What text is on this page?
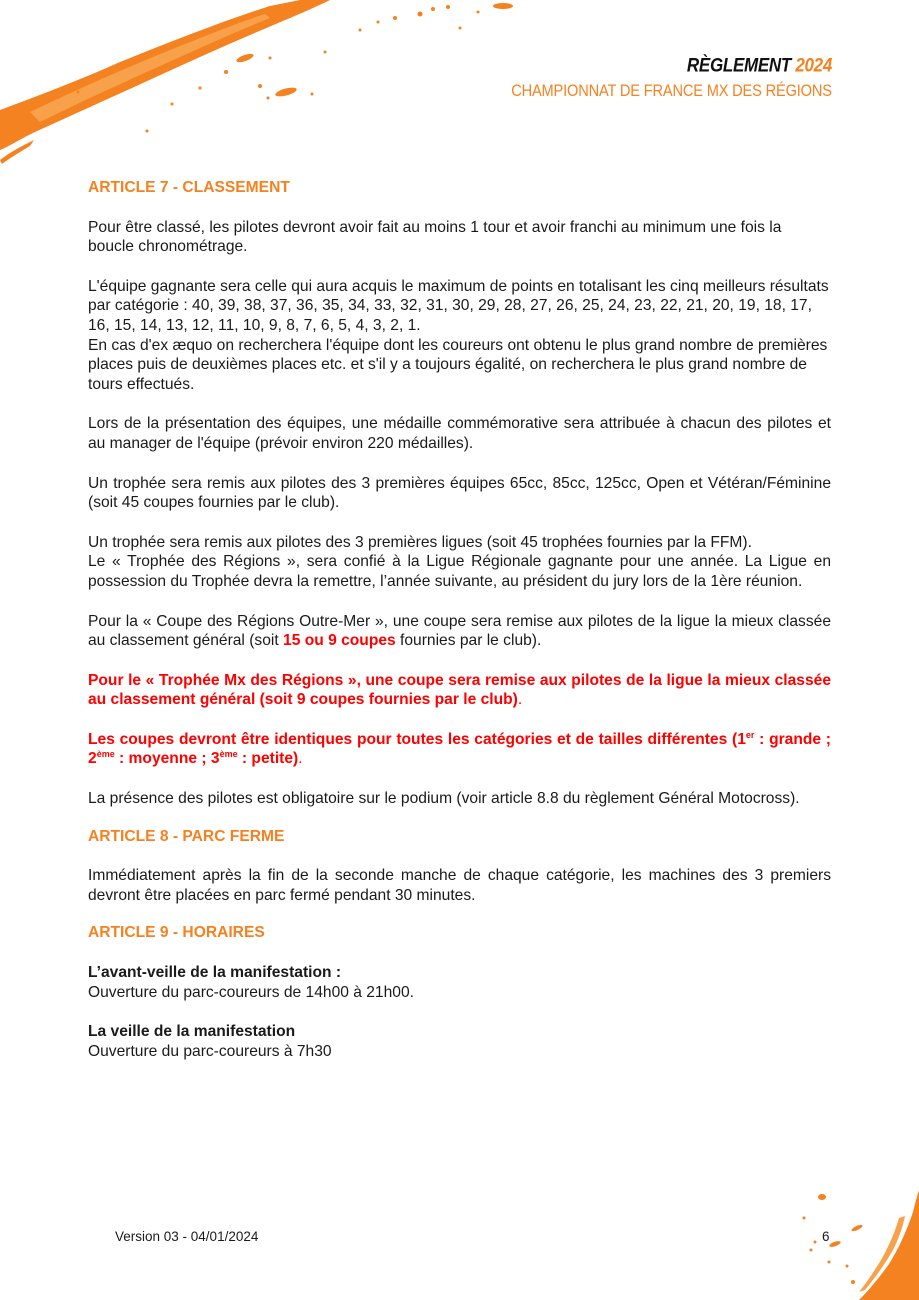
RÈGLEMENT 2024
CHAMPIONNAT DE FRANCE MX DES RÉGIONS

ARTICLE 7 - CLASSEMENT

Pour être classé, les pilotes devront avoir fait au moins 1 tour et avoir franchi au minimum une fois la boucle chronométrage.

L'équipe gagnante sera celle qui aura acquis le maximum de points en totalisant les cinq meilleurs résultats par catégorie : 40, 39, 38, 37, 36, 35, 34, 33, 32, 31, 30, 29, 28, 27, 26, 25, 24, 23, 22, 21, 20, 19, 18, 17, 16, 15, 14, 13, 12, 11, 10, 9, 8, 7, 6, 5, 4, 3, 2, 1.

En cas d'ex æquo on recherchera l'équipe dont les coureurs ont obtenu le plus grand nombre de premières places puis de deuxièmes places etc. et s'il y a toujours égalité, on recherchera le plus grand nombre de tours effectués.

Lors de la présentation des équipes, une médaille commémorative sera attribuée à chacun des pilotes et au manager de l'équipe (prévoir environ 220 médailles).

Un trophée sera remis aux pilotes des 3 premières équipes 65cc, 85cc, 125cc, Open et Vétéran/Féminine (soit 45 coupes fournies par le club).

Un trophée sera remis aux pilotes des 3 premières ligues (soit 45 trophées fournies par la FFM).

Le « Trophée des Régions », sera confié à la Ligue Régionale gagnante pour une année. La Ligue en possession du Trophée devra la remettre, l’année suivante, au président du jury lors de la 1ère réunion.

Pour la « Coupe des Régions Outre-Mer », une coupe sera remise aux pilotes de la ligue la mieux classée au classement général (soit 15 ou 9 coupes fournies par le club).

Pour le « Trophée Mx des Régions », une coupe sera remise aux pilotes de la ligue la mieux classée au classement général (soit 9 coupes fournies par le club).

Les coupes devront être identiques pour toutes les catégories et de tailles différentes (1er : grande ; 2ème : moyenne ; 3ème : petite).

La présence des pilotes est obligatoire sur le podium (voir article 8.8 du règlement Général Motocross).

ARTICLE 8 - PARC FERME

Immédiatement après la fin de la seconde manche de chaque catégorie, les machines des 3 premiers devront être placées en parc fermé pendant 30 minutes.

ARTICLE 9 - HORAIRES

L’avant-veille de la manifestation :

Ouverture du parc-coureurs de 14h00 à 21h00.

La veille de la manifestation

Ouverture du parc-coureurs à 7h30

Version 03 - 04/01/2024	6
